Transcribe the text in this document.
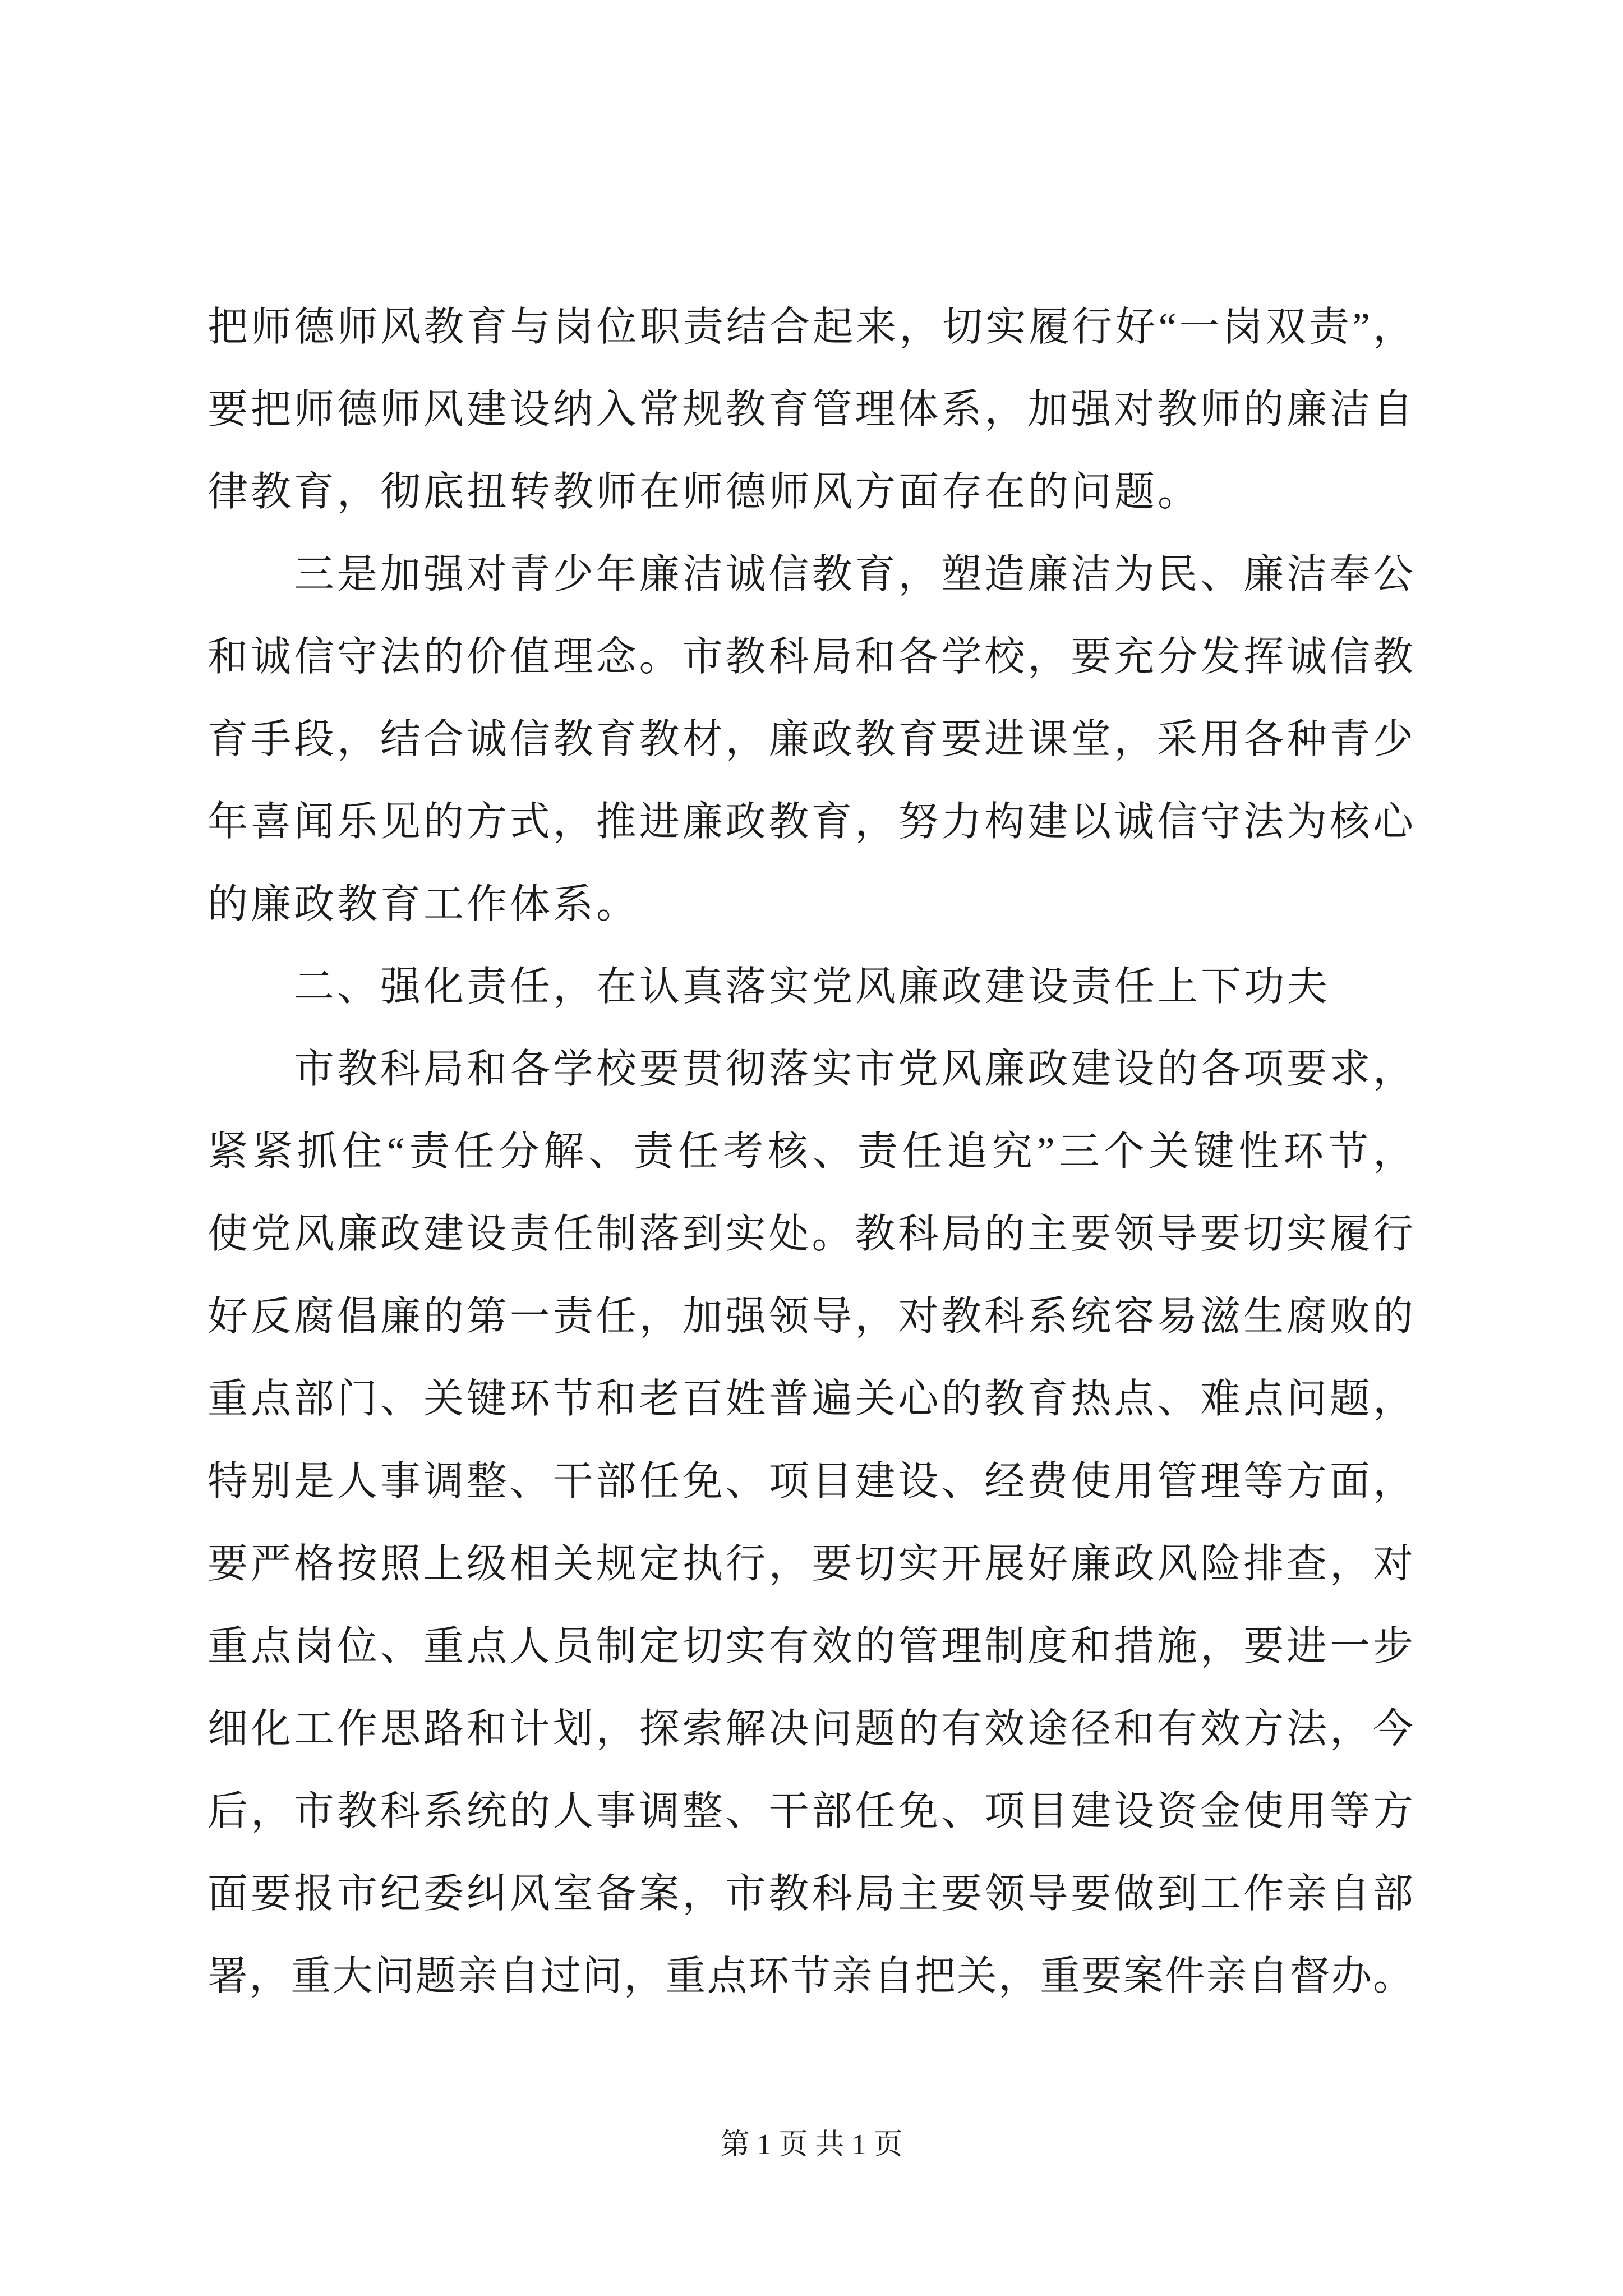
把师德师风教育与岗位职责结合起来，切实履行好“一岗双责”，
要把师德师风建设纳入常规教育管理体系，加强对教师的廉洁自
律教育，彻底扭转教师在师德师风方面存在的问题。
三是加强对青少年廉洁诚信教育，塑造廉洁为民、廉洁奉公
和诚信守法的价值理念。市教科局和各学校，要充分发挥诚信教
育手段，结合诚信教育教材，廉政教育要进课堂，采用各种青少
年喜闻乐见的方式，推进廉政教育，努力构建以诚信守法为核心
的廉政教育工作体系。
二、强化责任，在认真落实党风廉政建设责任上下功夫
市教科局和各学校要贯彻落实市党风廉政建设的各项要求，
紧紧抓住“责任分解、责任考核、责任追究”三个关键性环节，
使党风廉政建设责任制落到实处。教科局的主要领导要切实履行
好反腐倡廉的第一责任，加强领导，对教科系统容易滋生腐败的
重点部门、关键环节和老百姓普遍关心的教育热点、难点问题，
特别是人事调整、干部任免、项目建设、经费使用管理等方面，
要严格按照上级相关规定执行，要切实开展好廉政风险排查，对
重点岗位、重点人员制定切实有效的管理制度和措施，要进一步
细化工作思路和计划，探索解决问题的有效途径和有效方法，今
后，市教科系统的人事调整、干部任免、项目建设资金使用等方
面要报市纪委纠风室备案，市教科局主要领导要做到工作亲自部
署，重大问题亲自过问，重点环节亲自把关，重要案件亲自督办。
第 1 页 共 1 页
